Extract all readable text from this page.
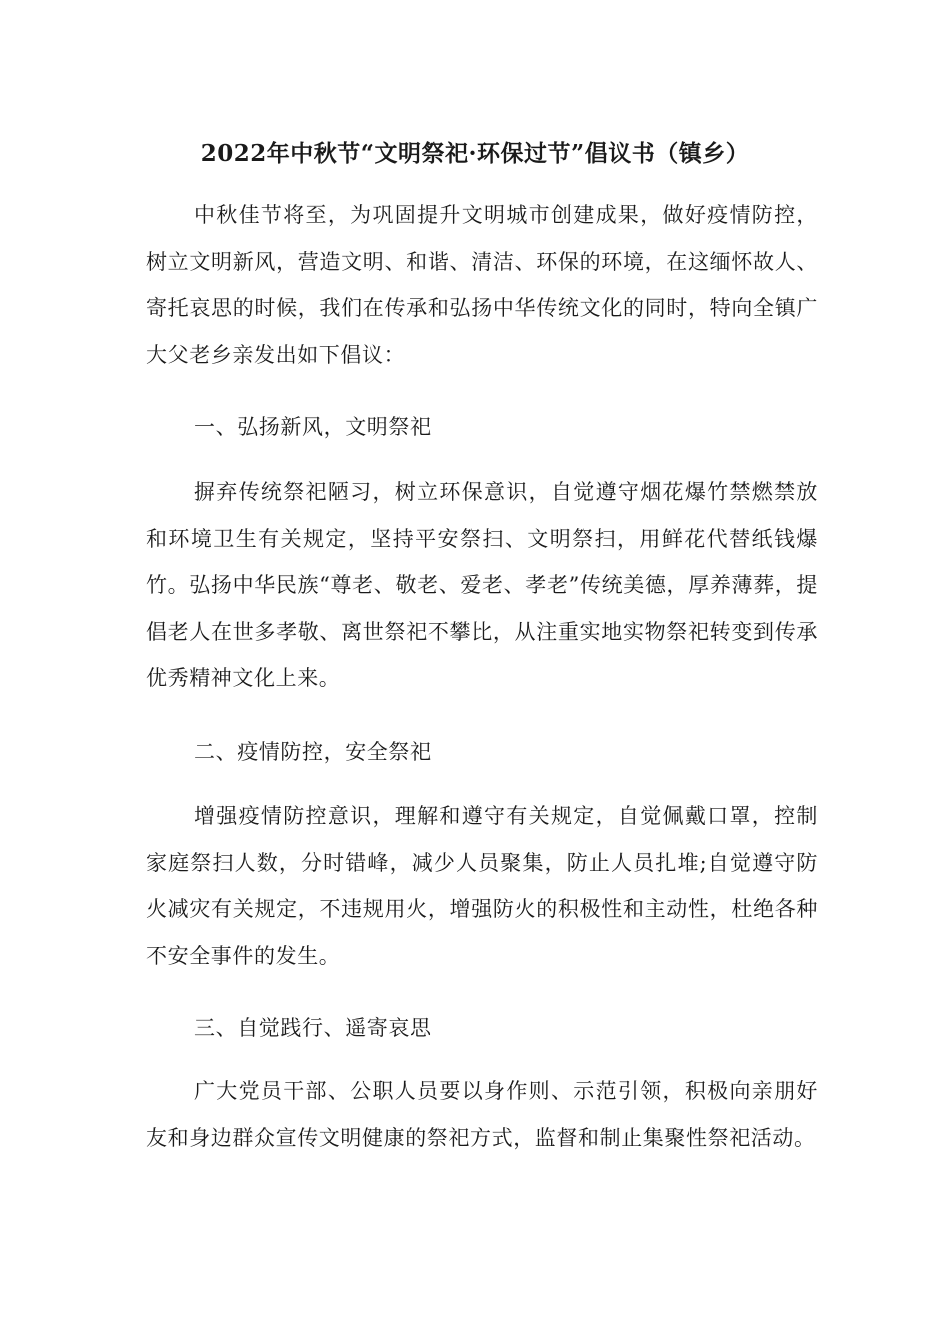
2022年中秋节“文明祭祀·环保过节”倡议书（镇乡）

中秋佳节将至，为巩固提升文明城市创建成果，做好疫情防控，树立文明新风，营造文明、和谐、清洁、环保的环境，在这缅怀故人、寄托哀思的时候，我们在传承和弘扬中华传统文化的同时，特向全镇广大父老乡亲发出如下倡议：

一、弘扬新风，文明祭祀

摒弃传统祭祀陋习，树立环保意识，自觉遵守烟花爆竹禁燃禁放和环境卫生有关规定，坚持平安祭扫、文明祭扫，用鲜花代替纸钱爆竹。弘扬中华民族“尊老、敬老、爱老、孝老”传统美德，厚养薄葬，提倡老人在世多孝敬、离世祭祀不攀比，从注重实地实物祭祀转变到传承优秀精神文化上来。

二、疫情防控，安全祭祀

增强疫情防控意识，理解和遵守有关规定，自觉佩戴口罩，控制家庭祭扫人数，分时错峰，减少人员聚集，防止人员扎堆;自觉遵守防火减灾有关规定，不违规用火，增强防火的积极性和主动性，杜绝各种不安全事件的发生。

三、自觉践行、遥寄哀思

广大党员干部、公职人员要以身作则、示范引领，积极向亲朋好友和身边群众宣传文明健康的祭祀方式，监督和制止集聚性祭祀活动。
